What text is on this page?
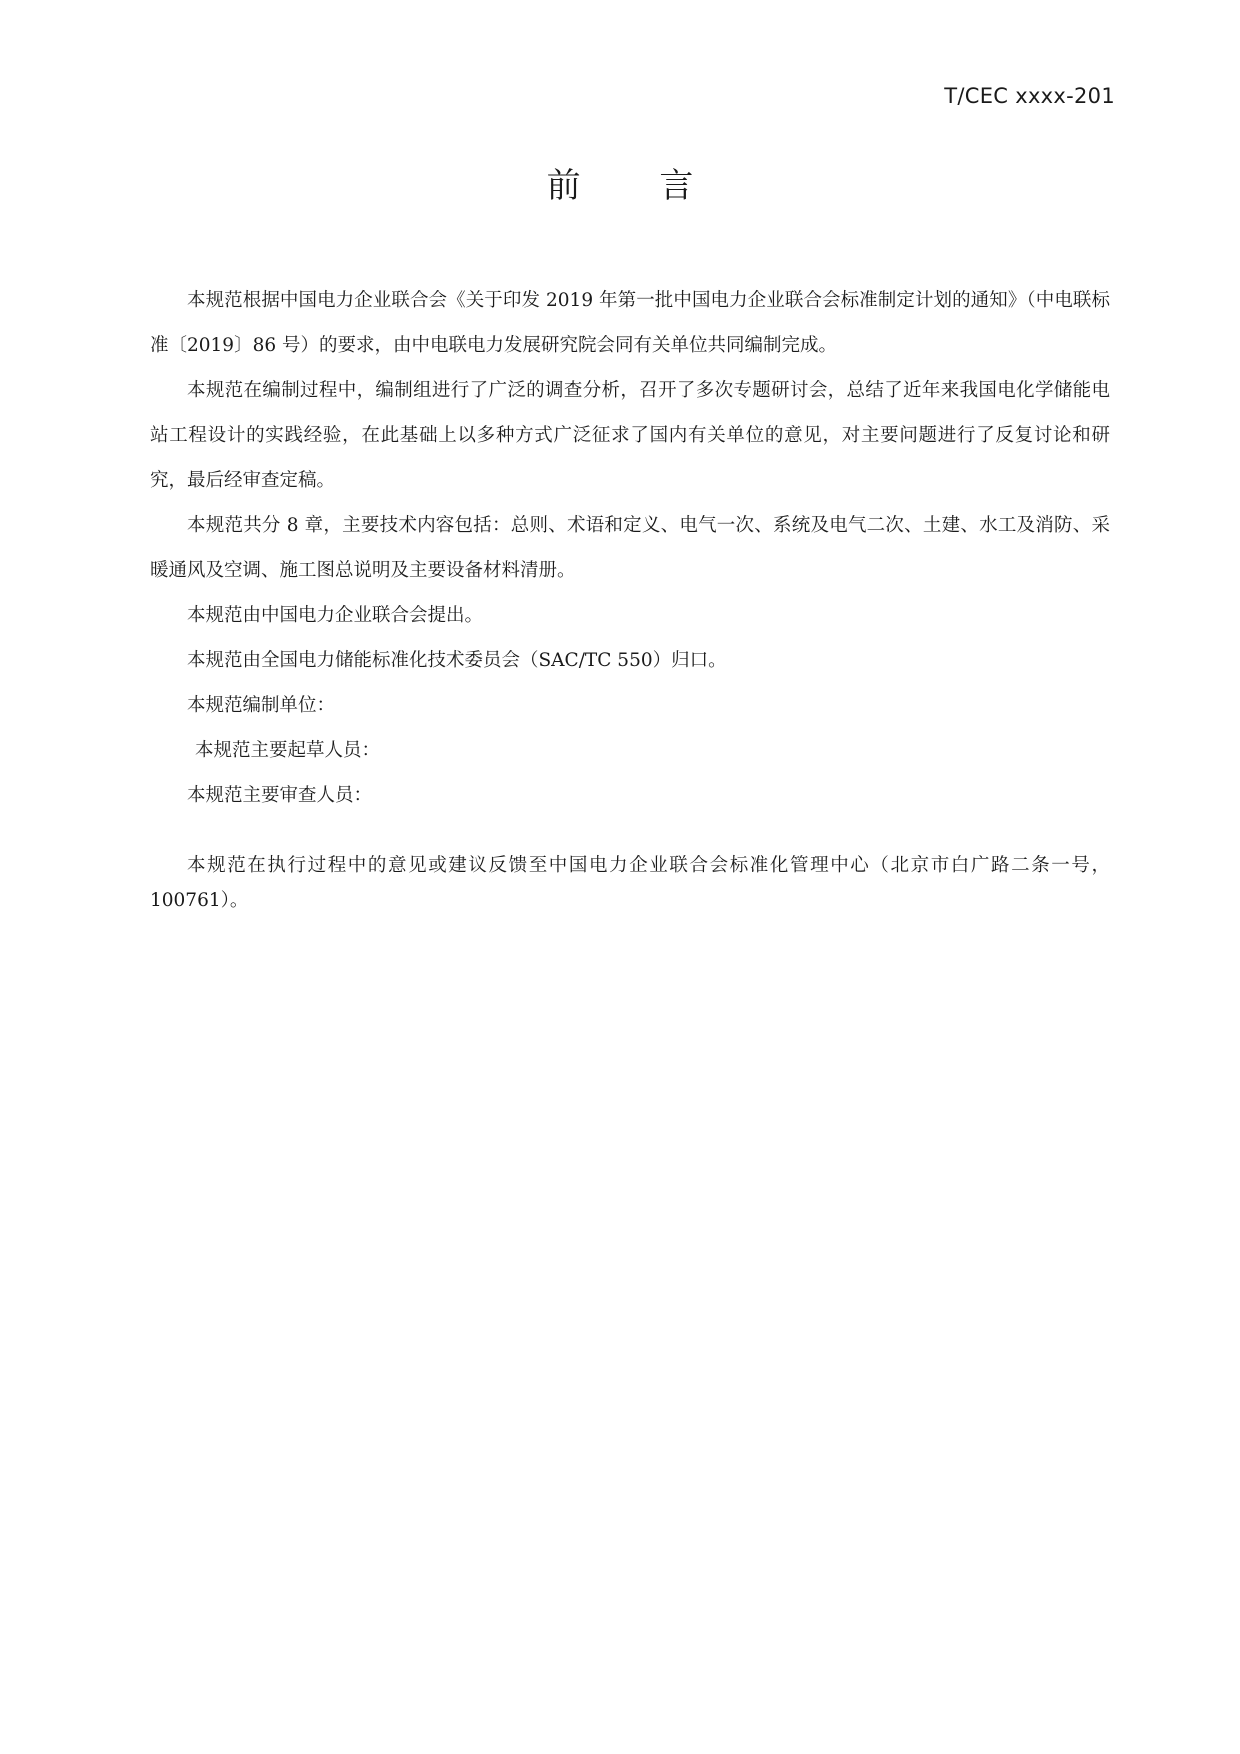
T/CEC xxxx-201
前 言

本规范根据中国电力企业联合会《关于印发 2019 年第一批中国电力企业联合会标准制定计划的通知》（中电联标准〔2019〕86 号）的要求，由中电联电力发展研究院会同有关单位共同编制完成。

本规范在编制过程中，编制组进行了广泛的调查分析，召开了多次专题研讨会，总结了近年来我国电化学储能电站工程设计的实践经验，在此基础上以多种方式广泛征求了国内有关单位的意见，对主要问题进行了反复讨论和研究，最后经审查定稿。

本规范共分 8 章，主要技术内容包括：总则、术语和定义、电气一次、系统及电气二次、土建、水工及消防、采暖通风及空调、施工图总说明及主要设备材料清册。

本规范由中国电力企业联合会提出。

本规范由全国电力储能标准化技术委员会（SAC/TC 550）归口。

本规范编制单位：

本规范主要起草人员：

本规范主要审查人员：

本规范在执行过程中的意见或建议反馈至中国电力企业联合会标准化管理中心（北京市白广路二条一号，100761）。
